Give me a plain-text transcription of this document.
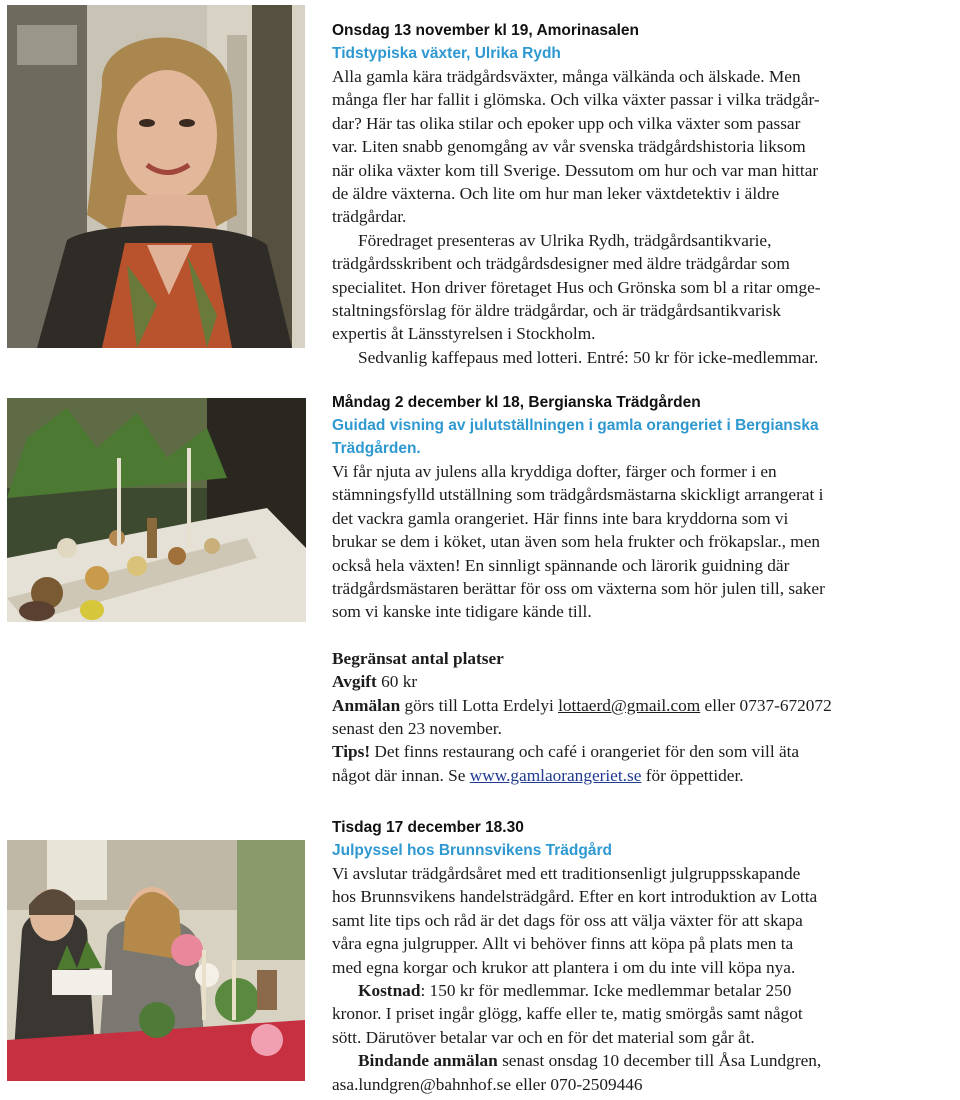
Onsdag 13 november kl 19, Amorinasalen
Tidstypiska växter, Ulrika Rydh

Alla gamla kära trädgårdsväxter, många välkända och älskade. Men

många fler har fallit i glömska. Och vilka växter passar i vilka trädgår-

dar? Här tas olika stilar och epoker upp och vilka växter som passar

var. Liten snabb genomgång av vår svenska trädgårdshistoria liksom

när olika växter kom till Sverige. Dessutom om hur och var man hittar

de äldre växterna. Och lite om hur man leker växtdetektiv i äldre

trädgårdar.

Föredraget presenteras av Ulrika Rydh, trädgårdsantikvarie,

trädgårdsskribent och trädgårdsdesigner med äldre trädgårdar som

specialitet. Hon driver företaget Hus och Grönska som bl a ritar omge-

staltningsförslag för äldre trädgårdar, och är trädgårdsantikvarisk

expertis åt Länsstyrelsen i Stockholm.

Sedvanlig kaffepaus med lotteri. Entré: 50 kr för icke-medlemmar.

Måndag 2 december kl 18, Bergianska Trädgården
Guidad visning av julutställningen i gamla orangeriet i Bergianska
Trädgården.

Vi får njuta av julens alla kryddiga dofter, färger och former i en

stämningsfylld utställning som trädgårdsmästarna skickligt arrangerat i

det vackra gamla orangeriet. Här finns inte bara kryddorna som vi

brukar se dem i köket, utan även som hela frukter och frökapslar., men

också hela växten! En sinnligt spännande och lärorik guidning där

trädgårdsmästaren berättar för oss om växterna som hör julen till, saker

som vi kanske inte tidigare kände till.

Begränsat antal platser

Avgift 60 kr

Anmälan görs till Lotta Erdelyi lottaerd@gmail.com eller 0737-672072

senast den 23 november.

Tips! Det finns restaurang och café i orangeriet för den som vill äta

något där innan. Se www.gamlaorangeriet.se för öppettider.

Tisdag 17 december 18.30
Julpyssel hos Brunnsvikens Trädgård

Vi avslutar trädgårdsåret med ett traditionsenligt julgruppsskapande

hos Brunnsvikens handelsträdgård. Efter en kort introduktion av Lotta

samt lite tips och råd är det dags för oss att välja växter för att skapa

våra egna julgrupper. Allt vi behöver finns att köpa på plats men ta

med egna korgar och krukor att plantera i om du inte vill köpa nya.

Kostnad: 150 kr för medlemmar. Icke medlemmar betalar 250

kronor. I priset ingår glögg, kaffe eller te, matig smörgås samt något

sött. Därutöver betalar var och en för det material som går åt.

Bindande anmälan senast onsdag 10 december till Åsa Lundgren,

asa.lundgren@bahnhof.se eller 070-2509446
